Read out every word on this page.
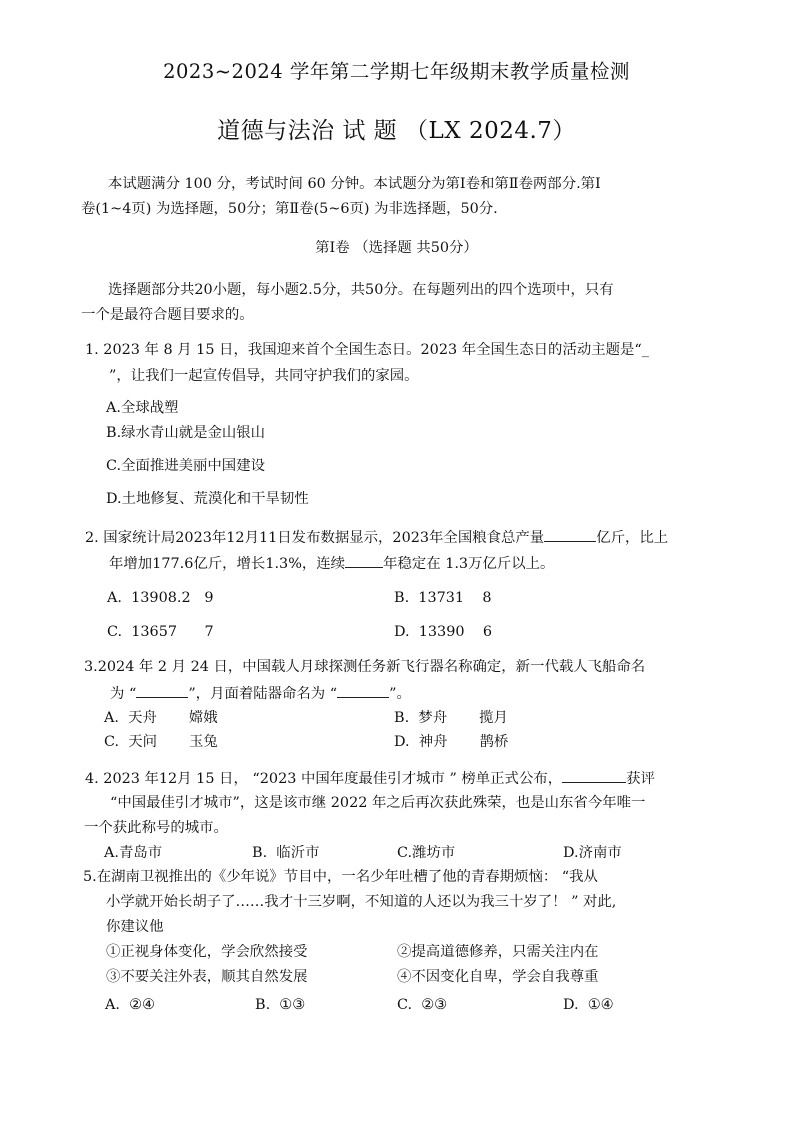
2023~2024 学年第二学期七年级期末教学质量检测
道德与法治 试 题 （LX 2024.7）
本试题满分 100 分，考试时间 60 分钟。本试题分为第Ⅰ卷和第Ⅱ卷两部分.第Ⅰ
卷(1~4页) 为选择题，50分；第Ⅱ卷(5~6页) 为非选择题，50分.
第Ⅰ卷 （选择题 共50分）
选择题部分共20小题，每小题2.5分，共50分。在每题列出的四个选项中，只有
一个是最符合题目要求的。
1. 2023 年 8 月 15 日，我国迎来首个全国生态日。2023 年全国生态日的活动主题是“_
”，让我们一起宣传倡导，共同守护我们的家园。
A.全球战塑
B.绿水青山就是金山银山
C.全面推进美丽中国建设
D.土地修复、荒漠化和干旱韧性
2. 国家统计局2023年12月11日发布数据显示，2023年全国粮食总产量	亿斤，比上
年增加177.6亿斤，增长1.3%，连续	年稳定在 1.3万亿斤以上。
A.  13908.2   9	B.  13731    8
C.  13657      7	D.  13390    6
3.2024 年 2 月 24 日，中国载人月球探测任务新飞行器名称确定，新一代载人飞船命名
为 “	”，月面着陆器命名为 “	”。
A.  天舟       嫦娥	B.  梦舟       揽月
C.  天问       玉兔	D.  神舟       鹊桥
4. 2023 年12月 15 日， “2023 中国年度最佳引才城市 ” 榜单正式公布，	获评
“中国最佳引才城市”，这是该市继 2022 年之后再次获此殊荣，也是山东省今年唯一
一个获此称号的城市。
A.青岛市	B.  临沂市	C.潍坊市	D.济南市
5.在湖南卫视推出的《少年说》节目中，一名少年吐槽了他的青春期烦恼： “我从
小学就开始长胡子了……我才十三岁啊，不知道的人还以为我三十岁了！ ” 对此,
你建议他
①正视身体变化，学会欣然接受	②提高道德修养，只需关注内在
③不要关注外表，顺其自然发展	④不因变化自卑，学会自我尊重
A.  ②④	B.  ①③	C.  ②③	D.  ①④
